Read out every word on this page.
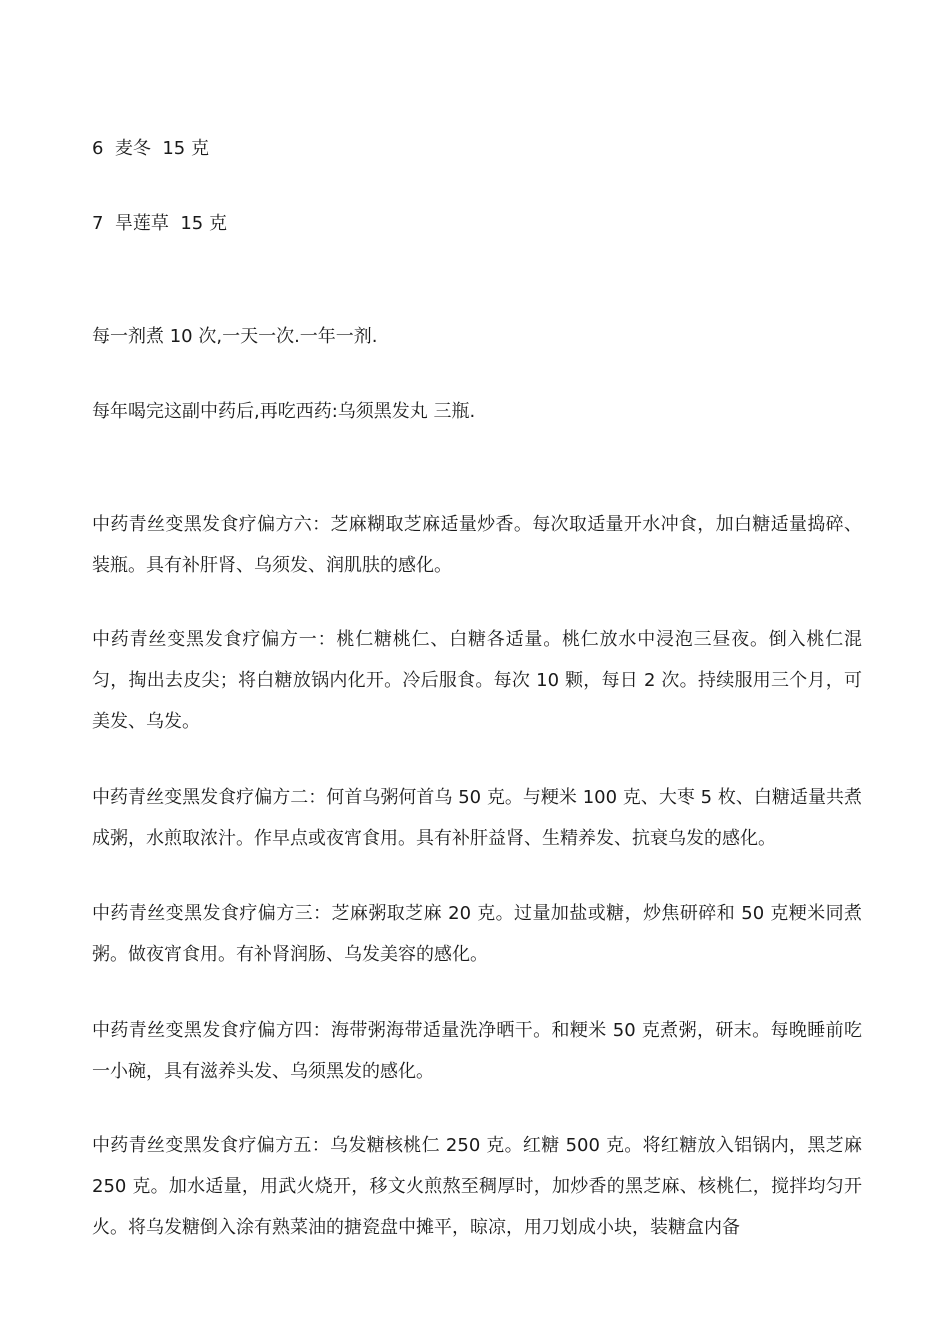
6 麦冬 15 克
7 旱莲草 15 克
每一剂煮 10 次,一天一次.一年一剂.
每年喝完这副中药后,再吃西药:乌须黑发丸 三瓶.
中药青丝变黑发食疗偏方六：芝麻糊取芝麻适量炒香。每次取适量开水冲食，加白糖适量捣碎、装瓶。具有补肝肾、乌须发、润肌肤的感化。
中药青丝变黑发食疗偏方一：桃仁糖桃仁、白糖各适量。桃仁放水中浸泡三昼夜。倒入桃仁混匀，掏出去皮尖；将白糖放锅内化开。冷后服食。每次 10 颗，每日 2 次。持续服用三个月，可美发、乌发。
中药青丝变黑发食疗偏方二：何首乌粥何首乌 50 克。与粳米 100 克、大枣 5 枚、白糖适量共煮成粥，水煎取浓汁。作早点或夜宵食用。具有补肝益肾、生精养发、抗衰乌发的感化。
中药青丝变黑发食疗偏方三：芝麻粥取芝麻 20 克。过量加盐或糖，炒焦研碎和 50 克粳米同煮粥。做夜宵食用。有补肾润肠、乌发美容的感化。
中药青丝变黑发食疗偏方四：海带粥海带适量洗净晒干。和粳米 50 克煮粥，研末。每晚睡前吃一小碗，具有滋养头发、乌须黑发的感化。
中药青丝变黑发食疗偏方五：乌发糖核桃仁 250 克。红糖 500 克。将红糖放入铝锅内，黑芝麻 250 克。加水适量，用武火烧开，移文火煎熬至稠厚时，加炒香的黑芝麻、核桃仁，搅拌均匀开火。将乌发糖倒入涂有熟菜油的搪瓷盘中摊平，晾凉，用刀划成小块，装糖盒内备
